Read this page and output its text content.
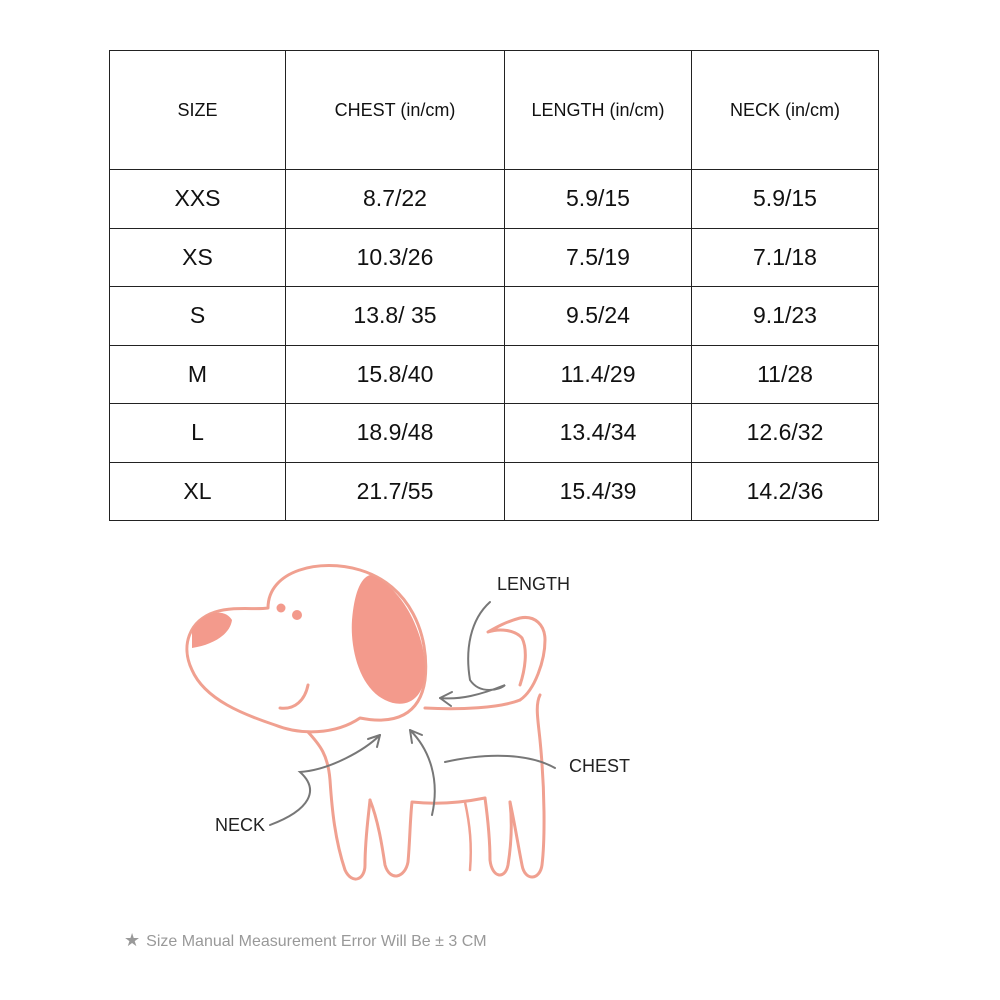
SIZE	CHEST (in/cm)	LENGTH (in/cm)	NECK (in/cm)
XXS	8.7/22	5.9/15	5.9/15
XS	10.3/26	7.5/19	7.1/18
S	13.8/ 35	9.5/24	9.1/23
M	15.8/40	11.4/29	11/28
L	18.9/48	13.4/34	12.6/32
XL	21.7/55	15.4/39	14.2/36
LENGTH
CHEST
NECK
★ Size Manual Measurement Error Will Be ± 3 CM
